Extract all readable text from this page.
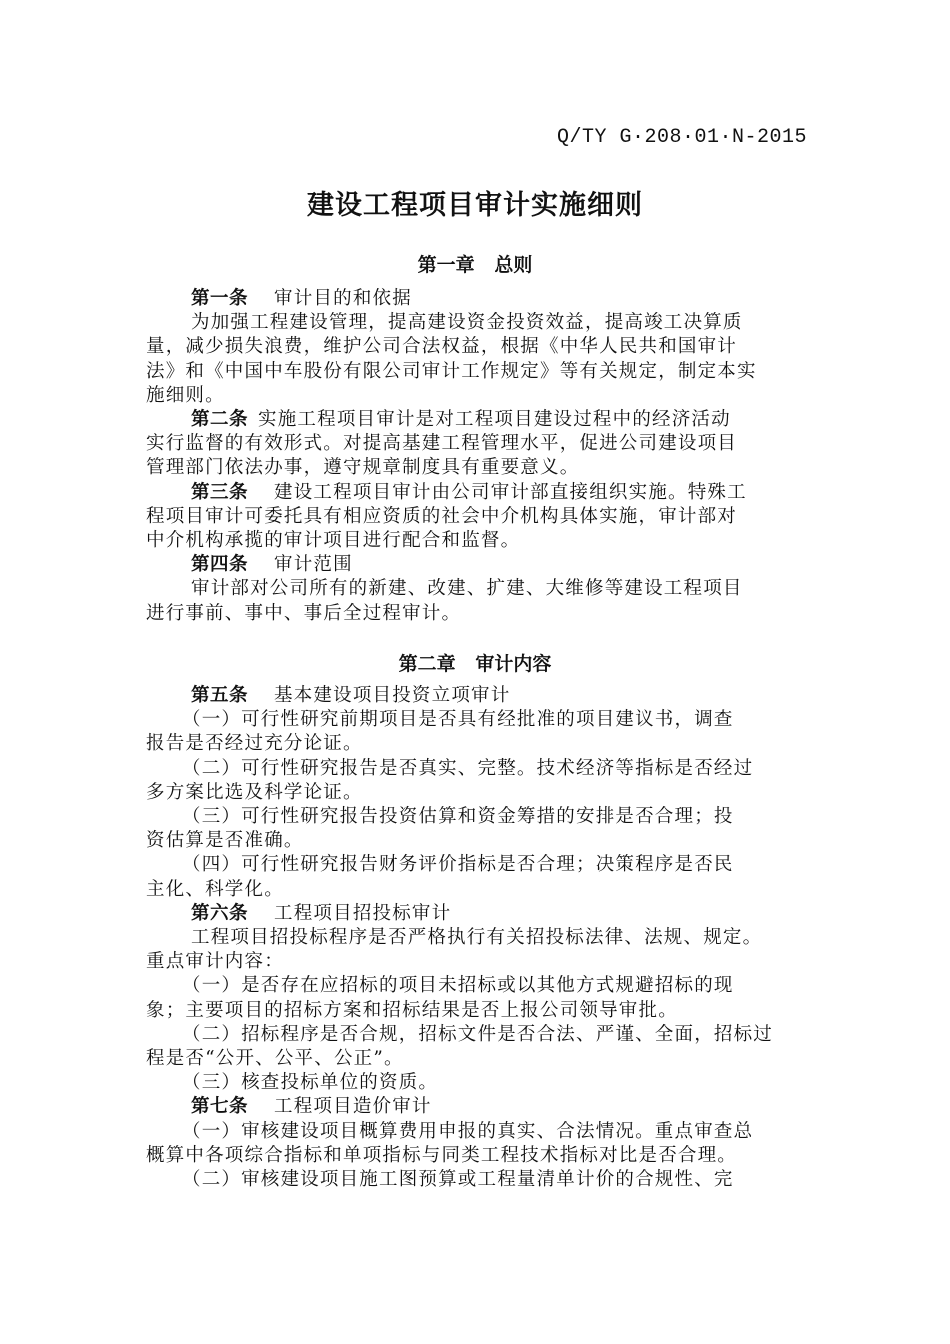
Q/TY G·208·01·N-2015
建设工程项目审计实施细则
第一章   总则
第一条 审计目的和依据
为加强工程建设管理，提高建设资金投资效益，提高竣工决算质
量，减少损失浪费，维护公司合法权益，根据《中华人民共和国审计
法》和《中国中车股份有限公司审计工作规定》等有关规定，制定本实
施细则。
第二条 实施工程项目审计是对工程项目建设过程中的经济活动
实行监督的有效形式。对提高基建工程管理水平，促进公司建设项目
管理部门依法办事，遵守规章制度具有重要意义。
第三条 建设工程项目审计由公司审计部直接组织实施。特殊工
程项目审计可委托具有相应资质的社会中介机构具体实施，审计部对
中介机构承揽的审计项目进行配合和监督。
第四条 审计范围
审计部对公司所有的新建、改建、扩建、大维修等建设工程项目
进行事前、事中、事后全过程审计。
第二章   审计内容
第五条 基本建设项目投资立项审计
（一）可行性研究前期项目是否具有经批准的项目建议书，调查
报告是否经过充分论证。
（二）可行性研究报告是否真实、完整。技术经济等指标是否经过
多方案比选及科学论证。
（三）可行性研究报告投资估算和资金筹措的安排是否合理；投
资估算是否准确。
（四）可行性研究报告财务评价指标是否合理；决策程序是否民
主化、科学化。
第六条 工程项目招投标审计
工程项目招投标程序是否严格执行有关招投标法律、法规、规定。
重点审计内容：
（一）是否存在应招标的项目未招标或以其他方式规避招标的现
象；主要项目的招标方案和招标结果是否上报公司领导审批。
（二）招标程序是否合规，招标文件是否合法、严谨、全面，招标过
程是否“公开、公平、公正”。
（三）核查投标单位的资质。
第七条 工程项目造价审计
（一）审核建设项目概算费用申报的真实、合法情况。重点审查总
概算中各项综合指标和单项指标与同类工程技术指标对比是否合理。
（二）审核建设项目施工图预算或工程量清单计价的合规性、完
